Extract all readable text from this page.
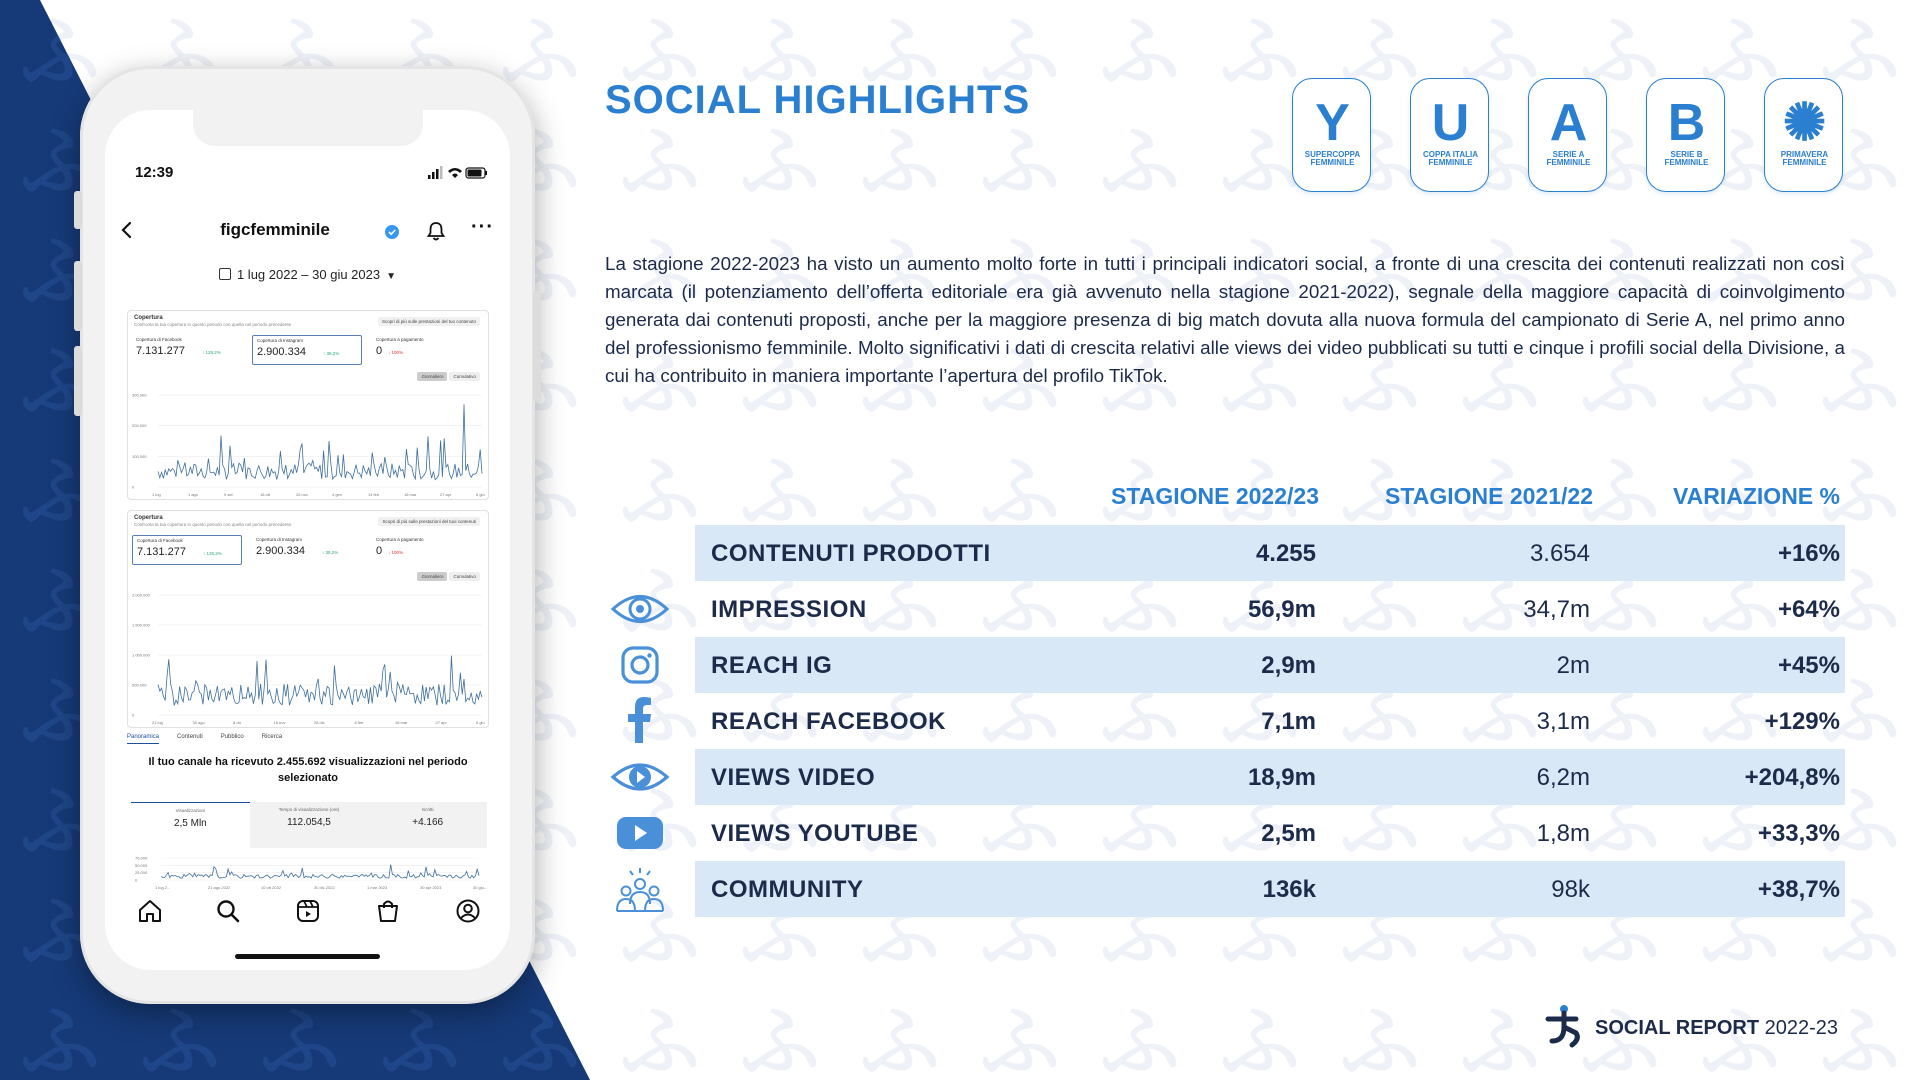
12:39
figcfemminile	···
1 lug 2022 – 30 giu 2023 ▼
Copertura
Confronta la tua copertura in questo periodo con quella nel periodo precedente
Scopri di più sulle prestazioni del tuo contenuto
Copertura di Facebook
7.131.277	↑ 125,2%
Copertura di Instagram
2.900.334	↑ 38,2%
Copertura a pagamento
0 ↓ 100%
Giornaliero Cumulativo
300.000
200.000
100.000
0
1 lug	1 ago	9 set	18 ott	26 nov	4 gen	14 feb	18 mar	27 apr	6 giu
Copertura
Confronta la tua copertura in questo periodo con quella nel periodo precedente.
Scopri di più sulle prestazioni del tuoi contenuti
Copertura di Facebook
7.131.277	↑ 125,2%
Copertura di Instagram
2.900.334	↑ 38,2%
Copertura a pagamento
0 ↓ 100%
Giornaliero Cumulativo
2.000.000
1.500.000
1.000.000
500.000
0
21 lug	30 ago	8 ott	16 nov	28 dic	6 feb	18 mar	27 apr	6 giu
Panoramica	Contenuti	Pubblico	Ricerca
Il tuo canale ha ricevuto 2.455.692 visualizzazioni nel periodo selezionato
Visualizzazioni
2,5 Mln
Tempo di visualizzazione (ore)
112.054,5
Iscritti
+4.166
75.000
50.000
25.000
0
1 lug 2...	21 ago 2022	10 ott 2022	30 dic 2022	1 mar 2023	30 apr 2023	30 giu...
SOCIAL HIGHLIGHTS	Y
SUPERCOPPA FEMMINILE
U
COPPA ITALIA FEMMINILE
A
SERIE A FEMMINILE
B
SERIE B FEMMINILE
✺
PRIMAVERA FEMMINILE
La stagione 2022-2023 ha visto un aumento molto forte in tutti i principali indicatori social, a fronte di una crescita dei contenuti realizzati non così marcata (il potenziamento dell’offerta editoriale era già avvenuto nella stagione 2021-2022), segnale della maggiore capacità di coinvolgimento generata dai contenuti proposti, anche per la maggiore presenza di big match dovuta alla nuova formula del campionato di Serie A, nel primo anno del professionismo femminile. Molto significativi i dati di crescita relativi alle views dei video pubblicati su tutti e cinque i profili social della Divisione, a cui ha contribuito in maniera importante l’apertura del profilo TikTok.
STAGIONE 2022/23	STAGIONE 2021/22	VARIAZIONE %
CONTENUTI PRODOTTI	4.255	3.654	+16%
IMPRESSION	56,9m	34,7m	+64%
REACH IG	2,9m	2m	+45%
REACH FACEBOOK	7,1m	3,1m	+129%
VIEWS VIDEO	18,9m	6,2m	+204,8%
VIEWS YOUTUBE	2,5m	1,8m	+33,3%
COMMUNITY	136k	98k	+38,7%
SOCIAL REPORT 2022-23
